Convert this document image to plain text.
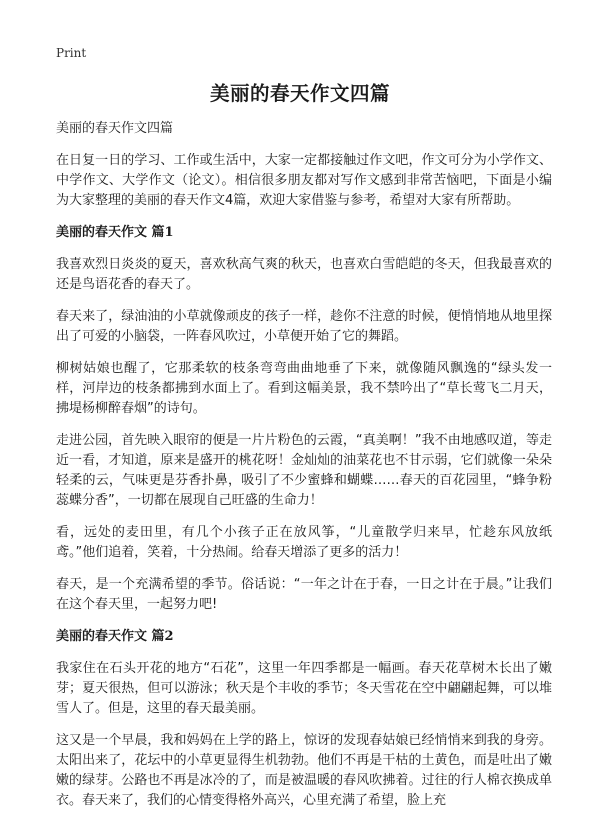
Print
美丽的春天作文四篇

美丽的春天作文四篇

在日复一日的学习、工作或生活中，大家一定都接触过作文吧，作文可分为小学作文、中学作文、大学作文（论文）。相信很多朋友都对写作文感到非常苦恼吧，下面是小编为大家整理的美丽的春天作文4篇，欢迎大家借鉴与参考，希望对大家有所帮助。

美丽的春天作文 篇1

我喜欢烈日炎炎的夏天，喜欢秋高气爽的秋天，也喜欢白雪皑皑的冬天，但我最喜欢的还是鸟语花香的春天了。

春天来了，绿油油的小草就像顽皮的孩子一样，趁你不注意的时候，便悄悄地从地里探出了可爱的小脑袋，一阵春风吹过，小草便开始了它的舞蹈。

柳树姑娘也醒了，它那柔软的枝条弯弯曲曲地垂了下来，就像随风飘逸的“绿头发一样，河岸边的枝条都拂到水面上了。看到这幅美景，我不禁吟出了“草长莺飞二月天，拂堤杨柳醉春烟”的诗句。

走进公园，首先映入眼帘的便是一片片粉色的云霞，“真美啊！”我不由地感叹道，等走近一看，才知道，原来是盛开的桃花呀！金灿灿的油菜花也不甘示弱，它们就像一朵朵轻柔的云，气味更是芬香扑鼻，吸引了不少蜜蜂和蝴蝶……春天的百花园里，“蜂争粉蕊蝶分香”，一切都在展现自己旺盛的生命力！

看，远处的麦田里，有几个小孩子正在放风筝，“儿童散学归来早，忙趁东风放纸鸢。”他们追着，笑着，十分热闹。给春天增添了更多的活力！

春天，是一个充满希望的季节。俗话说：“一年之计在于春，一日之计在于晨。”让我们在这个春天里，一起努力吧!

美丽的春天作文 篇2

我家住在石头开花的地方“石花”，这里一年四季都是一幅画。春天花草树木长出了嫩芽；夏天很热，但可以游泳；秋天是个丰收的季节；冬天雪花在空中翩翩起舞，可以堆雪人了。但是，这里的春天最美丽。

这又是一个早晨，我和妈妈在上学的路上，惊讶的发现春姑娘已经悄悄来到我的身旁。太阳出来了，花坛中的小草更显得生机勃勃。他们不再是干枯的土黄色，而是吐出了嫩嫩的绿芽。公路也不再是冰冷的了，而是被温暖的春风吹拂着。过往的行人棉衣换成单衣。春天来了，我们的心情变得格外高兴，心里充满了希望，脸上充
